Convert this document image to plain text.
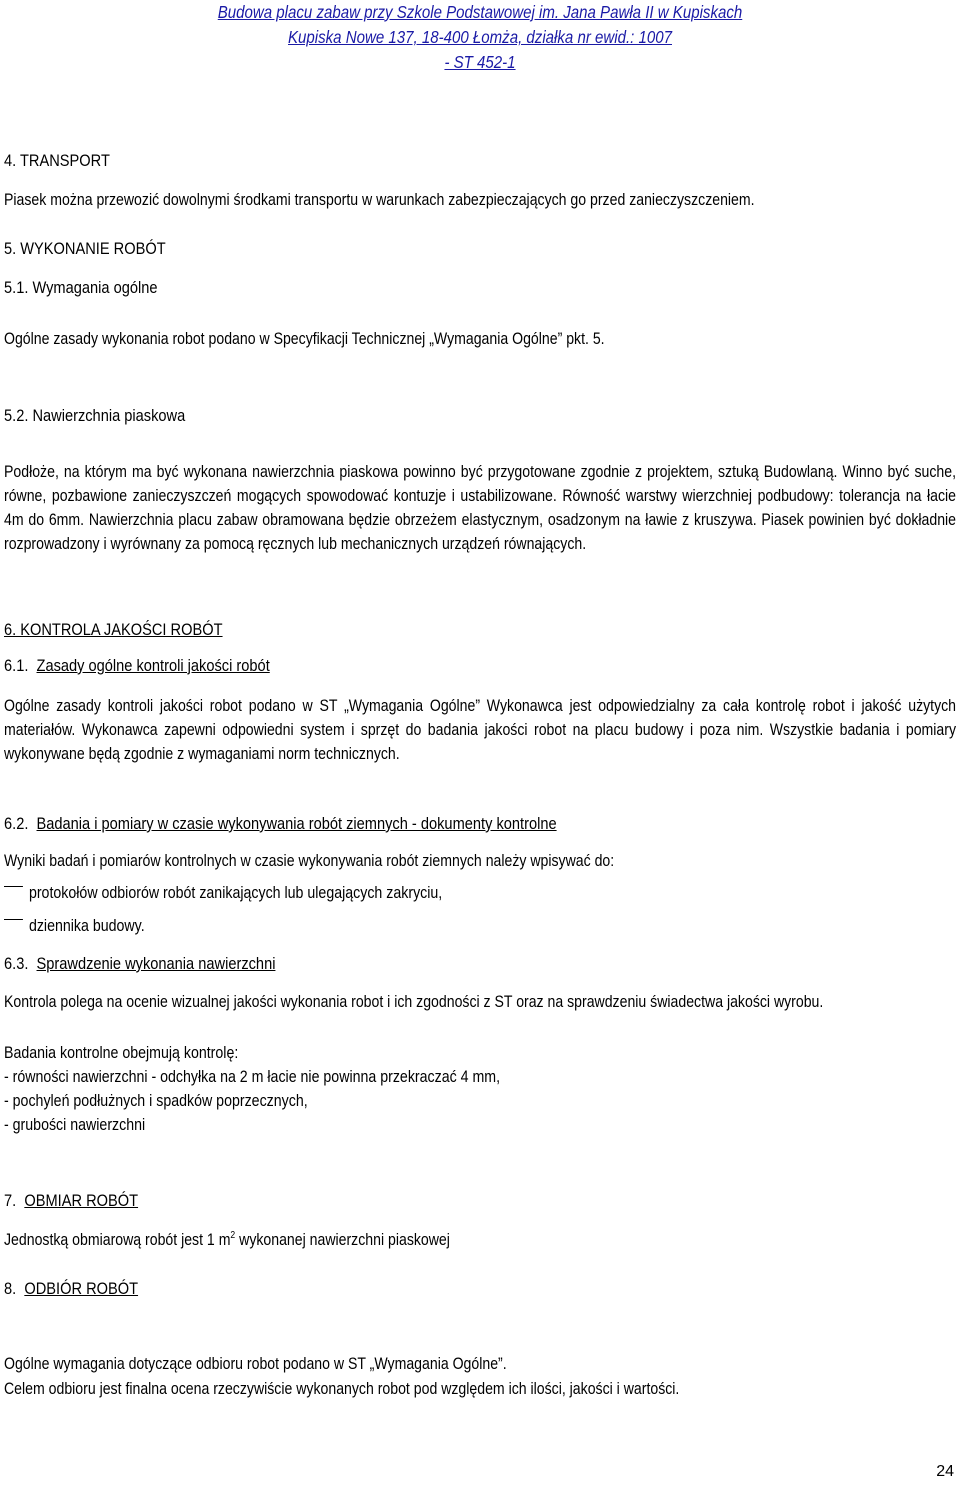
Budowa placu zabaw przy Szkole Podstawowej im. Jana Pawła II w Kupiskach
Kupiska Nowe 137, 18-400 Łomża, działka nr ewid.: 1007
- ST 452-1
4. TRANSPORT
Piasek można przewozić dowolnymi środkami transportu w warunkach zabezpieczających go przed zanieczyszczeniem.
5. WYKONANIE ROBÓT
5.1. Wymagania ogólne
Ogólne zasady wykonania robot podano w Specyfikacji Technicznej „Wymagania Ogólne” pkt. 5.
5.2. Nawierzchnia piaskowa
Podłoże, na którym ma być wykonana nawierzchnia piaskowa powinno być przygotowane zgodnie z projektem, sztuką Budowlaną. Winno być suche, równe, pozbawione zanieczyszczeń mogących spowodować kontuzje i ustabilizowane. Równość warstwy wierzchniej podbudowy: tolerancja na łacie 4m do 6mm. Nawierzchnia placu zabaw obramowana będzie obrzeżem elastycznym, osadzonym na ławie z kruszywa. Piasek powinien być dokładnie rozprowadzony i wyrównany za pomocą ręcznych lub mechanicznych urządzeń równających.
6. KONTROLA JAKOŚCI ROBÓT
6.1. Zasady ogólne kontroli jakości robót
Ogólne zasady kontroli jakości robot podano w ST „Wymagania Ogólne” Wykonawca jest odpowiedzialny za cała kontrolę robot i jakość użytych materiałów. Wykonawca zapewni odpowiedni system i sprzęt do badania jakości robot na placu budowy i poza nim. Wszystkie badania i pomiary wykonywane będą zgodnie z wymaganiami norm technicznych.
6.2. Badania i pomiary w czasie wykonywania robót ziemnych - dokumenty kontrolne
Wyniki badań i pomiarów kontrolnych w czasie wykonywania robót ziemnych należy wpisywać do:
protokołów odbiorów robót zanikających lub ulegających zakryciu,
dziennika budowy.
6.3. Sprawdzenie wykonania nawierzchni
Kontrola polega na ocenie wizualnej jakości wykonania robot i ich zgodności z ST oraz na sprawdzeniu świadectwa jakości wyrobu.
Badania kontrolne obejmują kontrolę:
- równości nawierzchni - odchyłka na 2 m łacie nie powinna przekraczać 4 mm,
- pochyleń podłużnych i spadków poprzecznych,
- grubości nawierzchni
7. OBMIAR ROBÓT
Jednostką obmiarową robót jest 1 $m^2$ wykonanej nawierzchni piaskowej
8. ODBIÓR ROBÓT
Ogólne wymagania dotyczące odbioru robot podano w ST „Wymagania Ogólne”.
Celem odbioru jest finalna ocena rzeczywiście wykonanych robot pod względem ich ilości, jakości i wartości.
24
